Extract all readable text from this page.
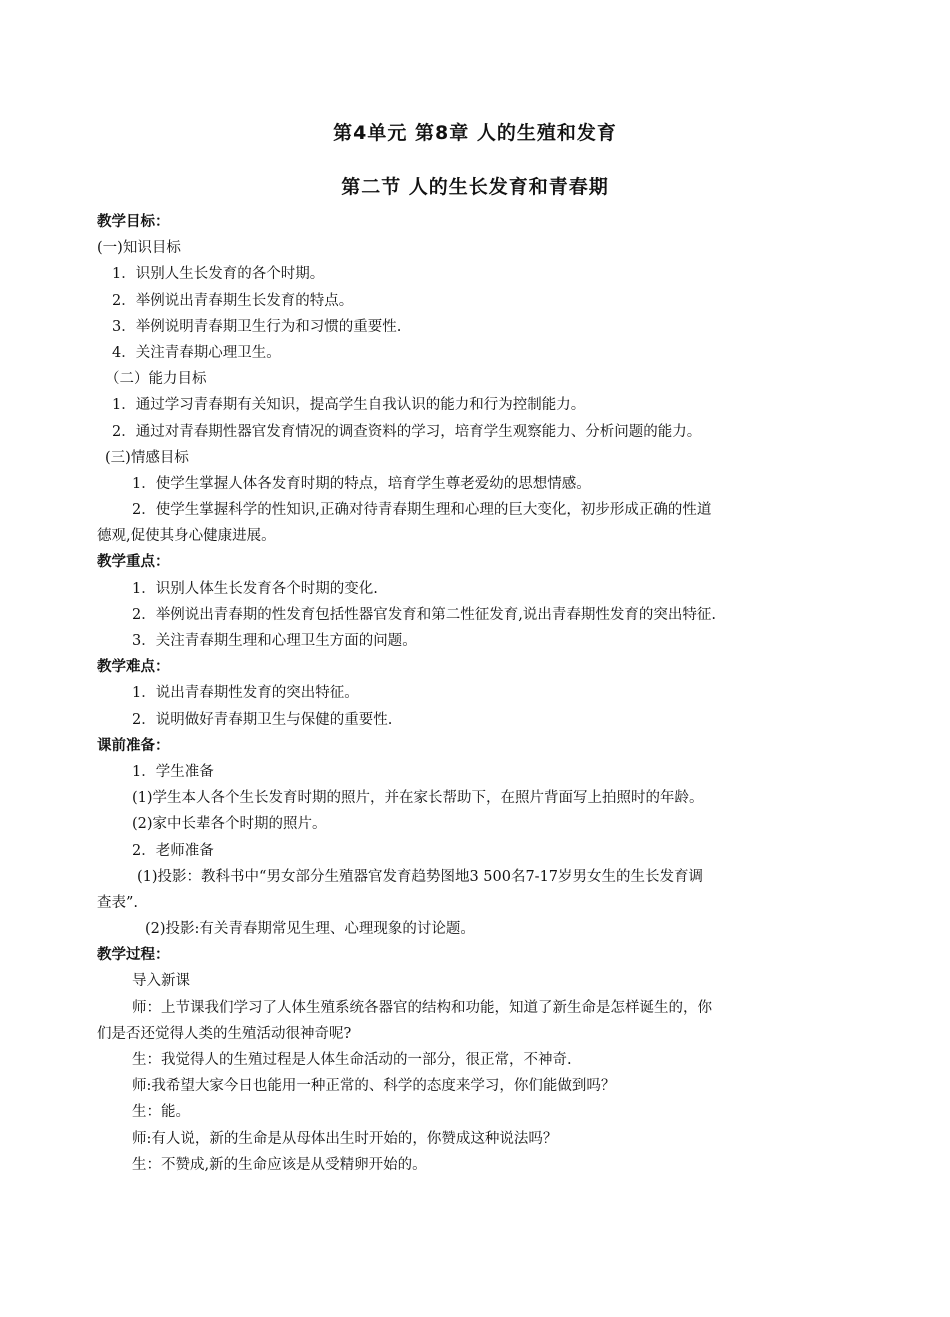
第4单元 第8章 人的生殖和发育
第二节 人的生长发育和青春期
教学目标：
(一)知识目标
1．识别人生长发育的各个时期。
2．举例说出青春期生长发育的特点。
3．举例说明青春期卫生行为和习惯的重要性.
4．关注青春期心理卫生。
（二）能力目标
1．通过学习青春期有关知识，提高学生自我认识的能力和行为控制能力。
2．通过对青春期性器官发育情况的调查资料的学习，培育学生观察能力、分析问题的能力。
(三)情感目标
1．使学生掌握人体各发育时期的特点，培育学生尊老爱幼的思想情感。
2．使学生掌握科学的性知识,正确对待青春期生理和心理的巨大变化，初步形成正确的性道
德观,促使其身心健康进展。
教学重点：
1．识别人体生长发育各个时期的变化.
2．举例说出青春期的性发育包括性器官发育和第二性征发育,说出青春期性发育的突出特征.
3．关注青春期生理和心理卫生方面的问题。
教学难点：
1．说出青春期性发育的突出特征。
2．说明做好青春期卫生与保健的重要性.
课前准备：
1．学生准备
(1)学生本人各个生长发育时期的照片，并在家长帮助下，在照片背面写上拍照时的年龄。
(2)家中长辈各个时期的照片。
2．老师准备
(1)投影：教科书中“男女部分生殖器官发育趋势图地3 500名7-17岁男女生的生长发育调
查表”.
(2)投影:有关青春期常见生理、心理现象的讨论题。
教学过程：
导入新课
师：上节课我们学习了人体生殖系统各器官的结构和功能，知道了新生命是怎样诞生的，你
们是否还觉得人类的生殖活动很神奇呢?
生：我觉得人的生殖过程是人体生命活动的一部分，很正常，不神奇.
师:我希望大家今日也能用一种正常的、科学的态度来学习，你们能做到吗？
生：能。
师:有人说，新的生命是从母体出生时开始的，你赞成这种说法吗？
生：不赞成,新的生命应该是从受精卵开始的。
